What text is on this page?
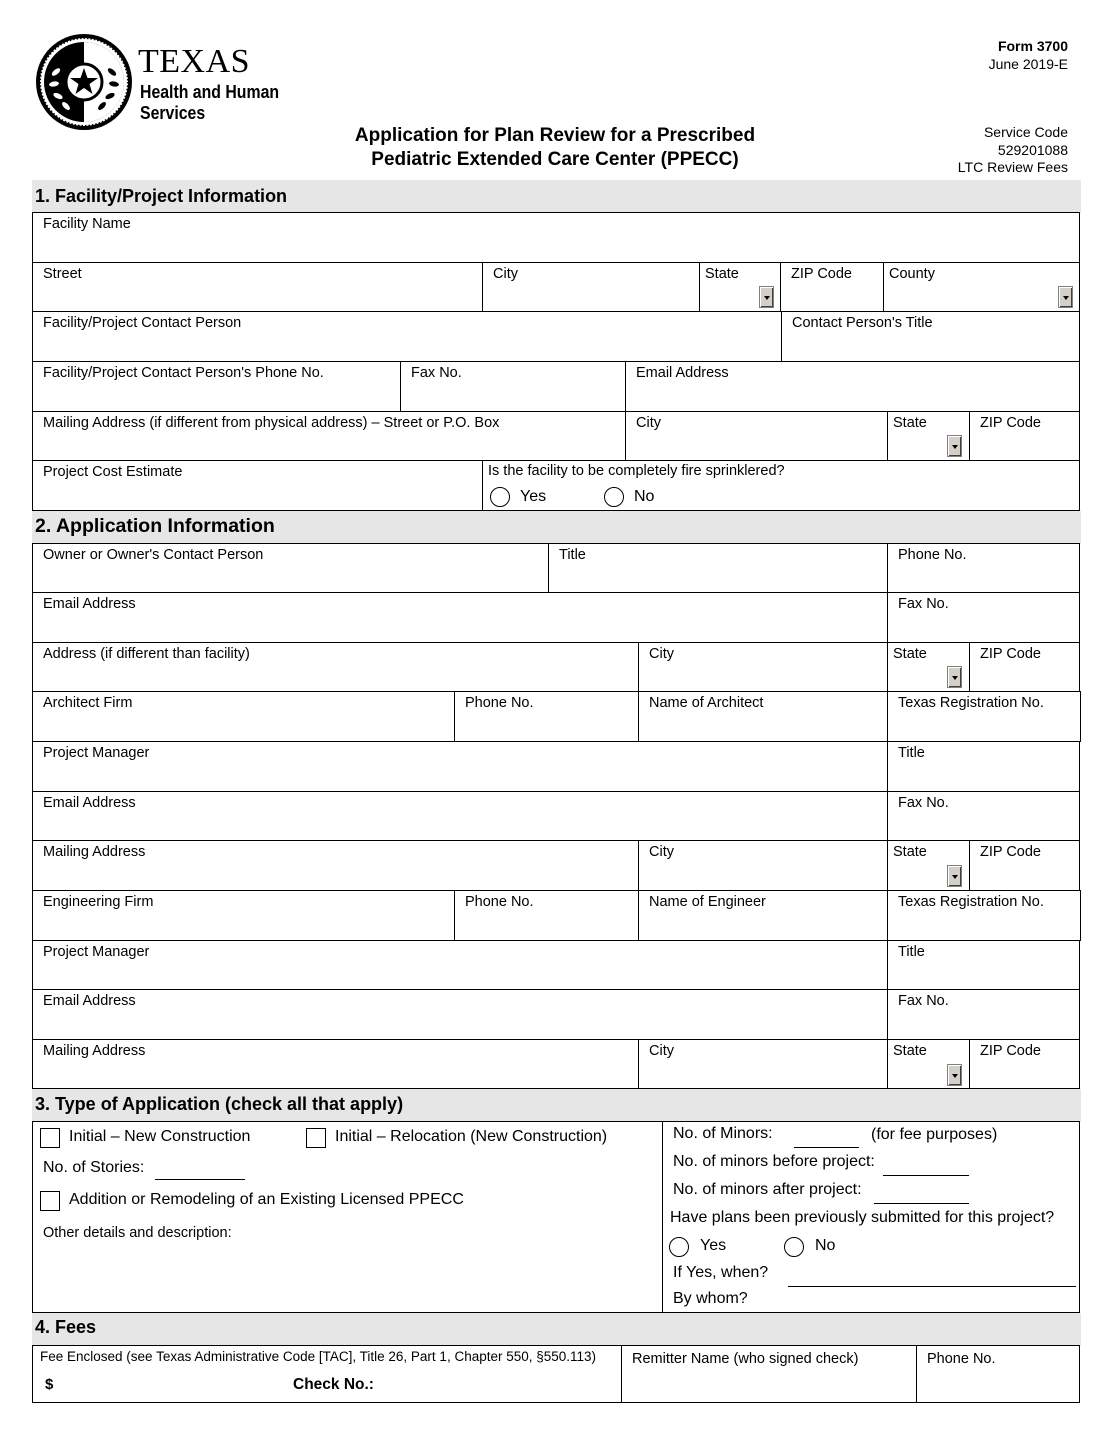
TEXAS
Health and Human
Services
Form 3700
June 2019-E
Application for Plan Review for a Prescribed
Pediatric Extended Care Center (PPECC)
Service Code
529201088
LTC Review Fees
1. Facility/Project Information
Facility Name
Street	City	State	ZIP Code	County
Facility/Project Contact Person	Contact Person's Title
Facility/Project Contact Person's Phone No.	Fax No.	Email Address
Mailing Address (if different from physical address) – Street or P.O. Box	City	State	ZIP Code
Project Cost Estimate	Is the facility to be completely fire sprinklered?
Yes	No
2. Application Information
Owner or Owner's Contact Person	Title	Phone No.
Email Address	Fax No.
Address (if different than facility)	City	State	ZIP Code
Architect Firm	Phone No.	Name of Architect	Texas Registration No.
Project Manager	Title
Email Address	Fax No.
Mailing Address	City	State	ZIP Code
Engineering Firm	Phone No.	Name of Engineer	Texas Registration No.
Project Manager	Title
Email Address	Fax No.
Mailing Address	City	State	ZIP Code
3. Type of Application (check all that apply)
Initial – New Construction	Initial – Relocation (New Construction)
No. of Stories:
Addition or Remodeling of an Existing Licensed PPECC
Other details and description:
No. of Minors:	(for fee purposes)
No. of minors before project:
No. of minors after project:
Have plans been previously submitted for this project?
Yes	No
If Yes, when?
By whom?
4. Fees
Fee Enclosed (see Texas Administrative Code [TAC], Title 26, Part 1, Chapter 550, §550.113)
$	Check No.:
Remitter Name (who signed check)	Phone No.
